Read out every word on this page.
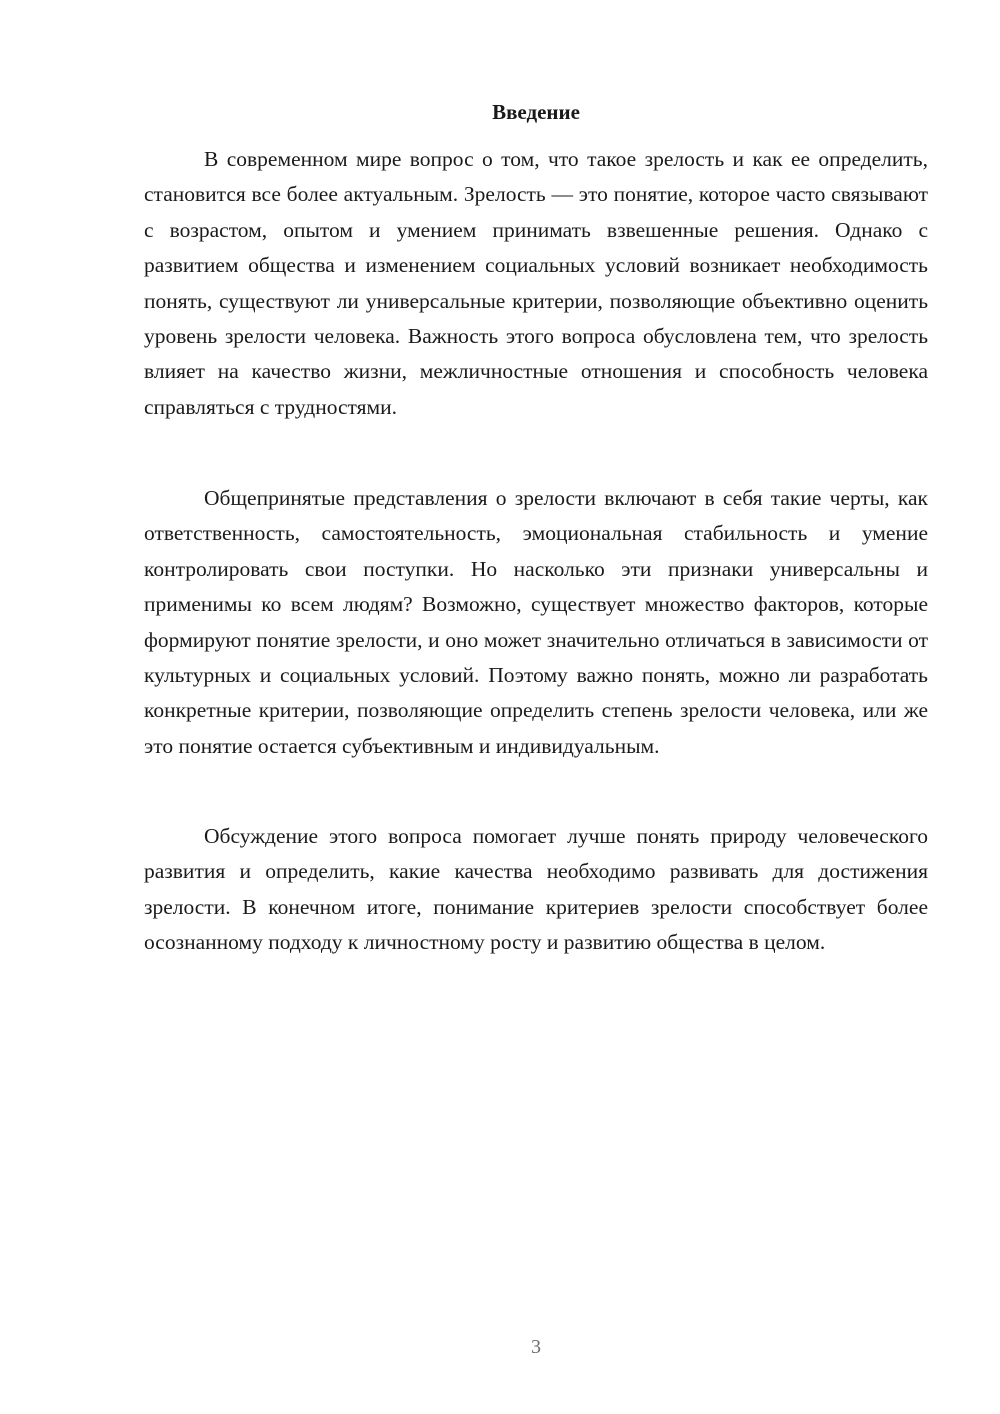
Введение

В современном мире вопрос о том, что такое зрелость и как ее определить, становится все более актуальным. Зрелость — это понятие, которое часто связывают с возрастом, опытом и умением принимать взвешенные решения. Однако с развитием общества и изменением социальных условий возникает необходимость понять, существуют ли универсальные критерии, позволяющие объективно оценить уровень зрелости человека. Важность этого вопроса обусловлена тем, что зрелость влияет на качество жизни, межличностные отношения и способность человека справляться с трудностями.

Общепринятые представления о зрелости включают в себя такие черты, как ответственность, самостоятельность, эмоциональная стабильность и умение контролировать свои поступки. Но насколько эти признаки универсальны и применимы ко всем людям? Возможно, существует множество факторов, которые формируют понятие зрелости, и оно может значительно отличаться в зависимости от культурных и социальных условий. Поэтому важно понять, можно ли разработать конкретные критерии, позволяющие определить степень зрелости человека, или же это понятие остается субъективным и индивидуальным.

Обсуждение этого вопроса помогает лучше понять природу человеческого развития и определить, какие качества необходимо развивать для достижения зрелости. В конечном итоге, понимание критериев зрелости способствует более осознанному подходу к личностному росту и развитию общества в целом.

3
